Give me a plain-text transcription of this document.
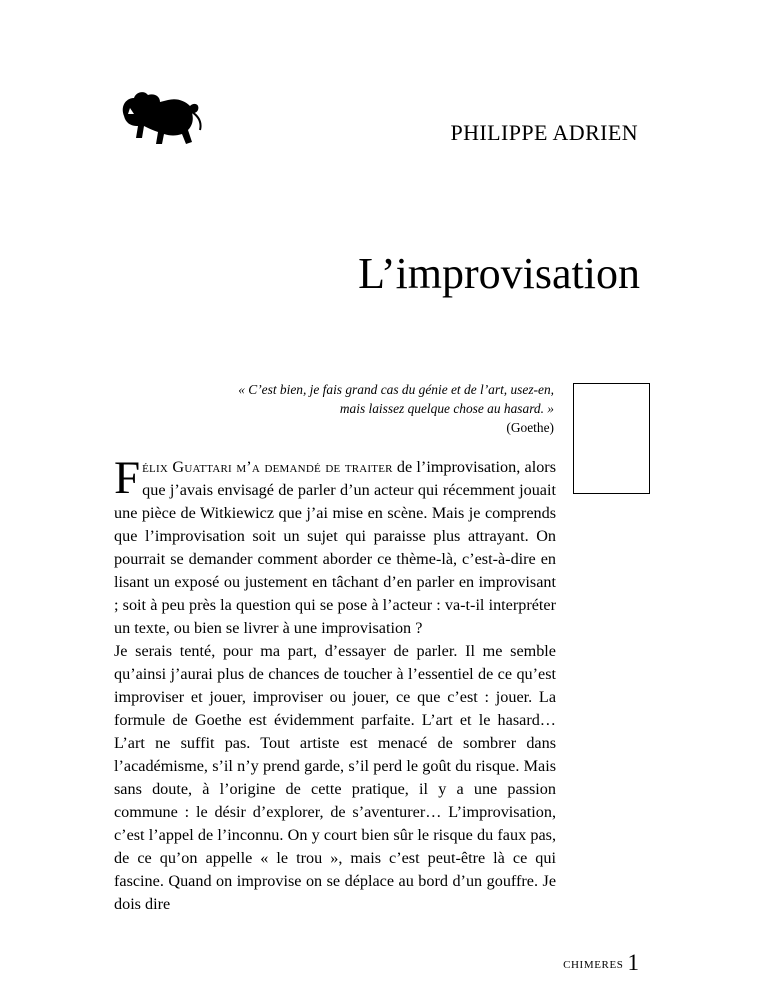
PHILIPPE ADRIEN
L’improvisation
« C’est bien, je fais grand cas du génie et de l’art, usez-en,
mais laissez quelque chose au hasard. »
(Goethe)

Félix Guattari m’a demandé de traiter de l’improvisation, alors que j’avais envisagé de parler d’un acteur qui récemment jouait une pièce de Witkiewicz que j’ai mise en scène. Mais je comprends que l’improvisation soit un sujet qui paraisse plus attrayant. On pourrait se demander comment aborder ce thème-là, c’est-à-dire en lisant un exposé ou justement en tâchant d’en parler en improvisant ; soit à peu près la question qui se pose à l’acteur : va-t-il interpréter un texte, ou bien se livrer à une improvisation ?

Je serais tenté, pour ma part, d’essayer de parler. Il me semble qu’ainsi j’aurai plus de chances de toucher à l’essentiel de ce qu’est improviser et jouer, improviser ou jouer, ce que c’est : jouer. La formule de Goethe est évidemment parfaite. L’art et le hasard… L’art ne suffit pas. Tout artiste est menacé de sombrer dans l’académisme, s’il n’y prend garde, s’il perd le goût du risque. Mais sans doute, à l’origine de cette pratique, il y a une passion commune : le désir d’explorer, de s’aventurer… L’improvisation, c’est l’appel de l’inconnu. On y court bien sûr le risque du faux pas, de ce qu’on appelle « le trou », mais c’est peut-être là ce qui fascine. Quand on improvise on se déplace au bord d’un gouffre. Je dois dire

CHIMERES 1
